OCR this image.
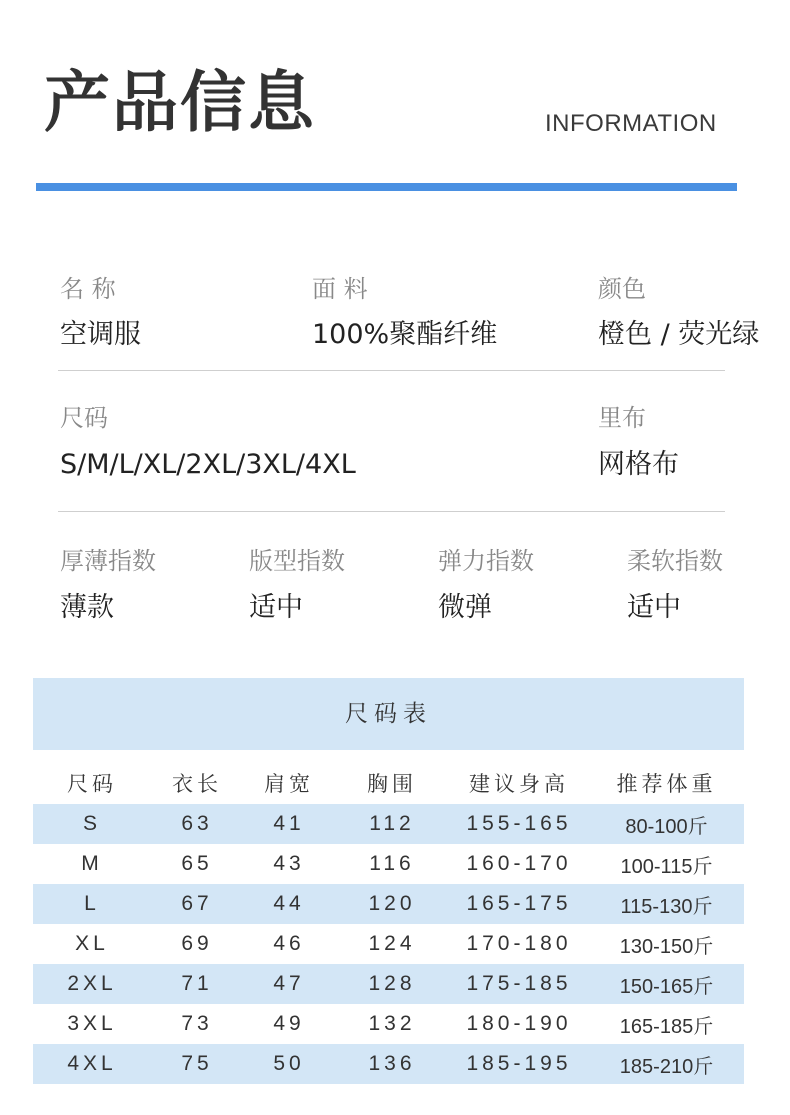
产品信息	INFORMATION
名 称
空调服
面 料
100%聚酯纤维
颜色
橙色 / 荧光绿
尺码
S/M/L/XL/2XL/3XL/4XL
里布
网格布
厚薄指数
薄款
版型指数
适中
弹力指数
微弹
柔软指数
适中
尺码表
尺码	衣长	肩宽	胸围	建议身高	推荐体重
S	63	41	112	155-165	80-100斤
M	65	43	116	160-170	100-115斤
L	67	44	120	165-175	115-130斤
XL	69	46	124	170-180	130-150斤
2XL	71	47	128	175-185	150-165斤
3XL	73	49	132	180-190	165-185斤
4XL	75	50	136	185-195	185-210斤
